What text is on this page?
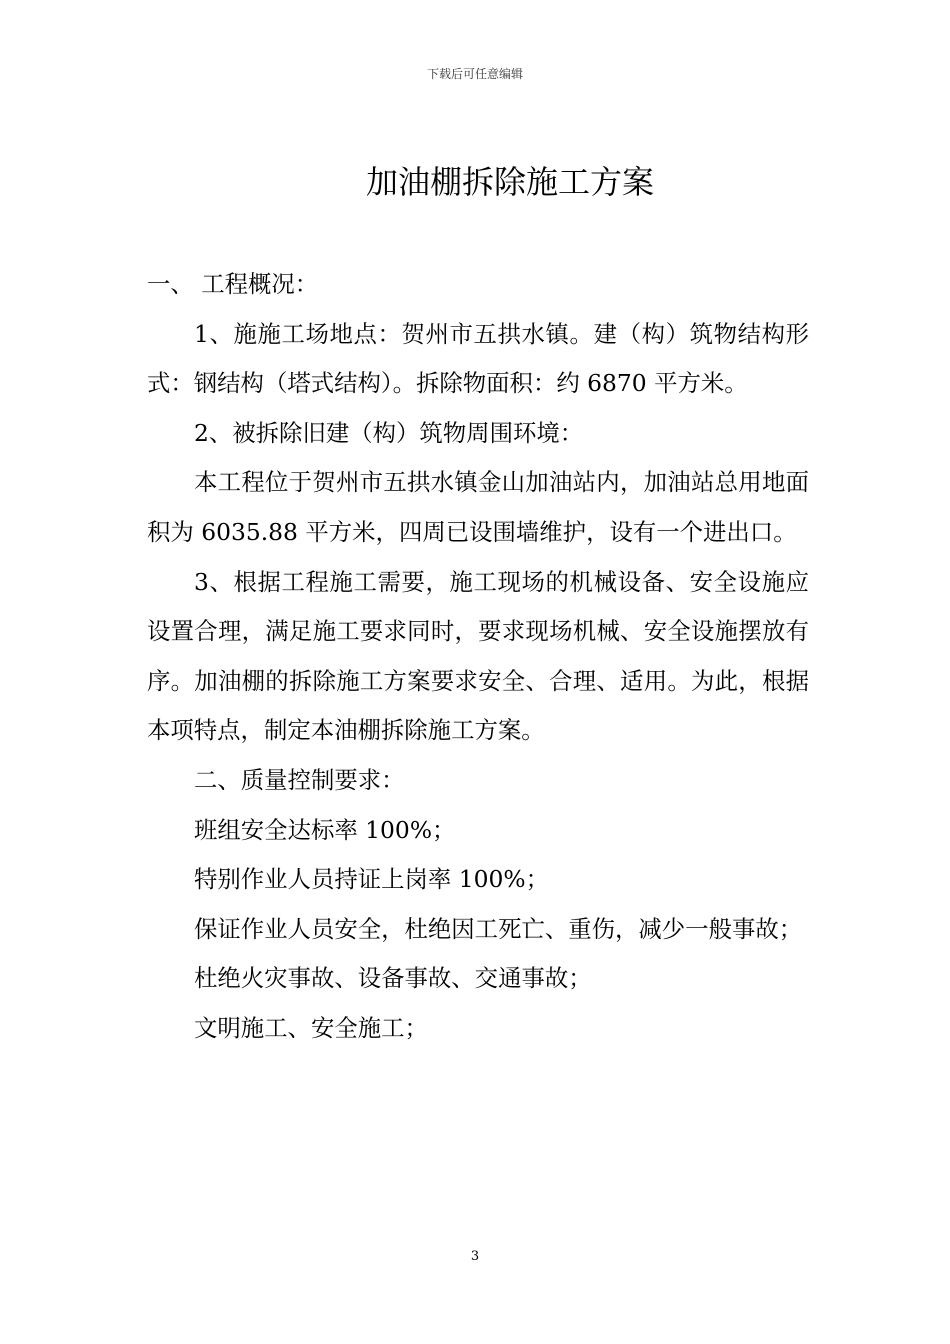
下载后可任意编辑
加油棚拆除施工方案

一、 工程概况：

1、施施工场地点：贺州市五拱水镇。建（构）筑物结构形式：钢结构（塔式结构）。拆除物面积：约 6870 平方米。

2、被拆除旧建（构）筑物周围环境：

本工程位于贺州市五拱水镇金山加油站内，加油站总用地面积为 6035.88 平方米，四周已设围墙维护，设有一个进出口。

3、根据工程施工需要，施工现场的机械设备、安全设施应设置合理，满足施工要求同时，要求现场机械、安全设施摆放有序。加油棚的拆除施工方案要求安全、合理、适用。为此，根据本项特点，制定本油棚拆除施工方案。

二、质量控制要求：

班组安全达标率 100%；

特别作业人员持证上岗率 100%；

保证作业人员安全，杜绝因工死亡、重伤，减少一般事故；

杜绝火灾事故、设备事故、交通事故；

文明施工、安全施工；

3
